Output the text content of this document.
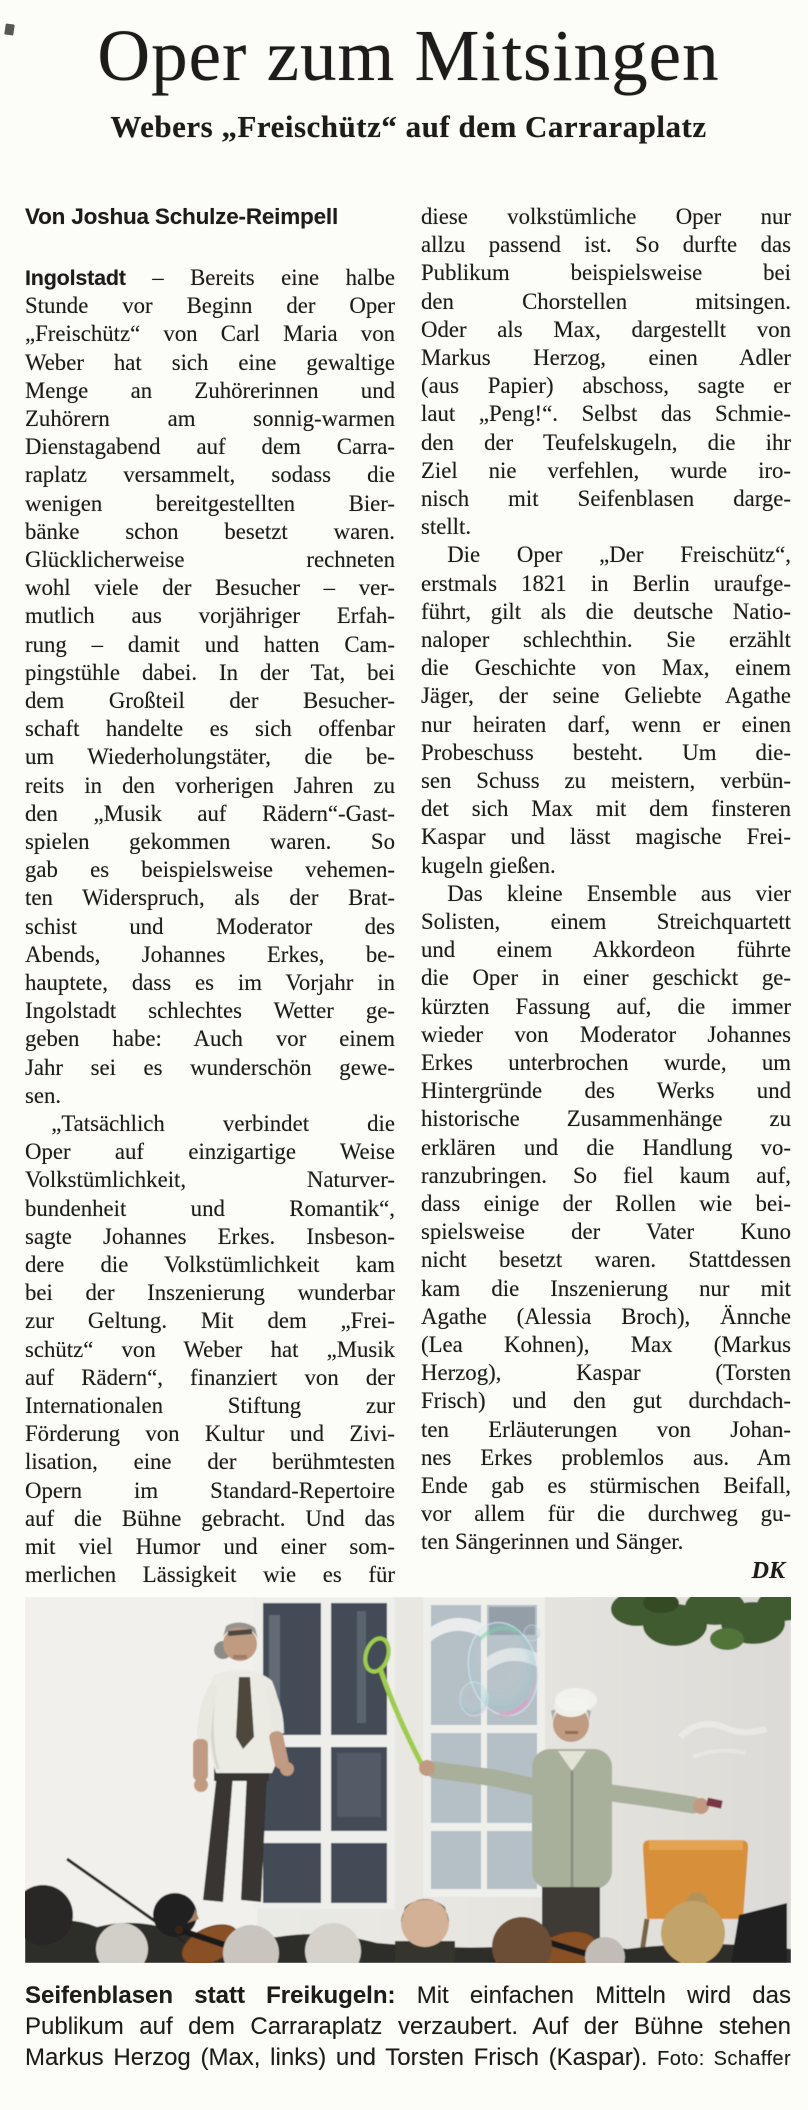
Oper zum Mitsingen
Webers „Freischütz“ auf dem Carraraplatz
Von Joshua Schulze-Reimpell
Ingolstadt – Bereits eine halbe
Stunde vor Beginn der Oper
„Freischütz“ von Carl Maria von
Weber hat sich eine gewaltige
Menge an Zuhörerinnen und
Zuhörern am sonnig-warmen
Dienstagabend auf dem Carra-
raplatz versammelt, sodass die
wenigen bereitgestellten Bier-
bänke schon besetzt waren.
Glücklicherweise rechneten
wohl viele der Besucher – ver-
mutlich aus vorjähriger Erfah-
rung – damit und hatten Cam-
pingstühle dabei. In der Tat, bei
dem Großteil der Besucher-
schaft handelte es sich offenbar
um Wiederholungstäter, die be-
reits in den vorherigen Jahren zu
den „Musik auf Rädern“-Gast-
spielen gekommen waren. So
gab es beispielsweise vehemen-
ten Widerspruch, als der Brat-
schist und Moderator des
Abends, Johannes Erkes, be-
hauptete, dass es im Vorjahr in
Ingolstadt schlechtes Wetter ge-
geben habe: Auch vor einem
Jahr sei es wunderschön gewe-
sen.
„Tatsächlich verbindet die
Oper auf einzigartige Weise
Volkstümlichkeit, Naturver-
bundenheit und Romantik“,
sagte Johannes Erkes. Insbeson-
dere die Volkstümlichkeit kam
bei der Inszenierung wunderbar
zur Geltung. Mit dem „Frei-
schütz“ von Weber hat „Musik
auf Rädern“, finanziert von der
Internationalen Stiftung zur
Förderung von Kultur und Zivi-
lisation, eine der berühmtesten
Opern im Standard-Repertoire
auf die Bühne gebracht. Und das
mit viel Humor und einer som-
merlichen Lässigkeit wie es für
diese volkstümliche Oper nur
allzu passend ist. So durfte das
Publikum beispielsweise bei
den Chorstellen mitsingen.
Oder als Max, dargestellt von
Markus Herzog, einen Adler
(aus Papier) abschoss, sagte er
laut „Peng!“. Selbst das Schmie-
den der Teufelskugeln, die ihr
Ziel nie verfehlen, wurde iro-
nisch mit Seifenblasen darge-
stellt.
Die Oper „Der Freischütz“,
erstmals 1821 in Berlin uraufge-
führt, gilt als die deutsche Natio-
naloper schlechthin. Sie erzählt
die Geschichte von Max, einem
Jäger, der seine Geliebte Agathe
nur heiraten darf, wenn er einen
Probeschuss besteht. Um die-
sen Schuss zu meistern, verbün-
det sich Max mit dem finsteren
Kaspar und lässt magische Frei-
kugeln gießen.
Das kleine Ensemble aus vier
Solisten, einem Streichquartett
und einem Akkordeon führte
die Oper in einer geschickt ge-
kürzten Fassung auf, die immer
wieder von Moderator Johannes
Erkes unterbrochen wurde, um
Hintergründe des Werks und
historische Zusammenhänge zu
erklären und die Handlung vo-
ranzubringen. So fiel kaum auf,
dass einige der Rollen wie bei-
spielsweise der Vater Kuno
nicht besetzt waren. Stattdessen
kam die Inszenierung nur mit
Agathe (Alessia Broch), Ännche
(Lea Kohnen), Max (Markus
Herzog), Kaspar (Torsten
Frisch) und den gut durchdach-
ten Erläuterungen von Johan-
nes Erkes problemlos aus. Am
Ende gab es stürmischen Beifall,
vor allem für die durchweg gu-
ten Sängerinnen und Sänger.
DK
Seifenblasen statt Freikugeln: Mit einfachen Mitteln wird das
Publikum auf dem Carraraplatz verzaubert. Auf der Bühne stehen
Markus Herzog (Max, links) und Torsten Frisch (Kaspar). Foto: Schaffer
